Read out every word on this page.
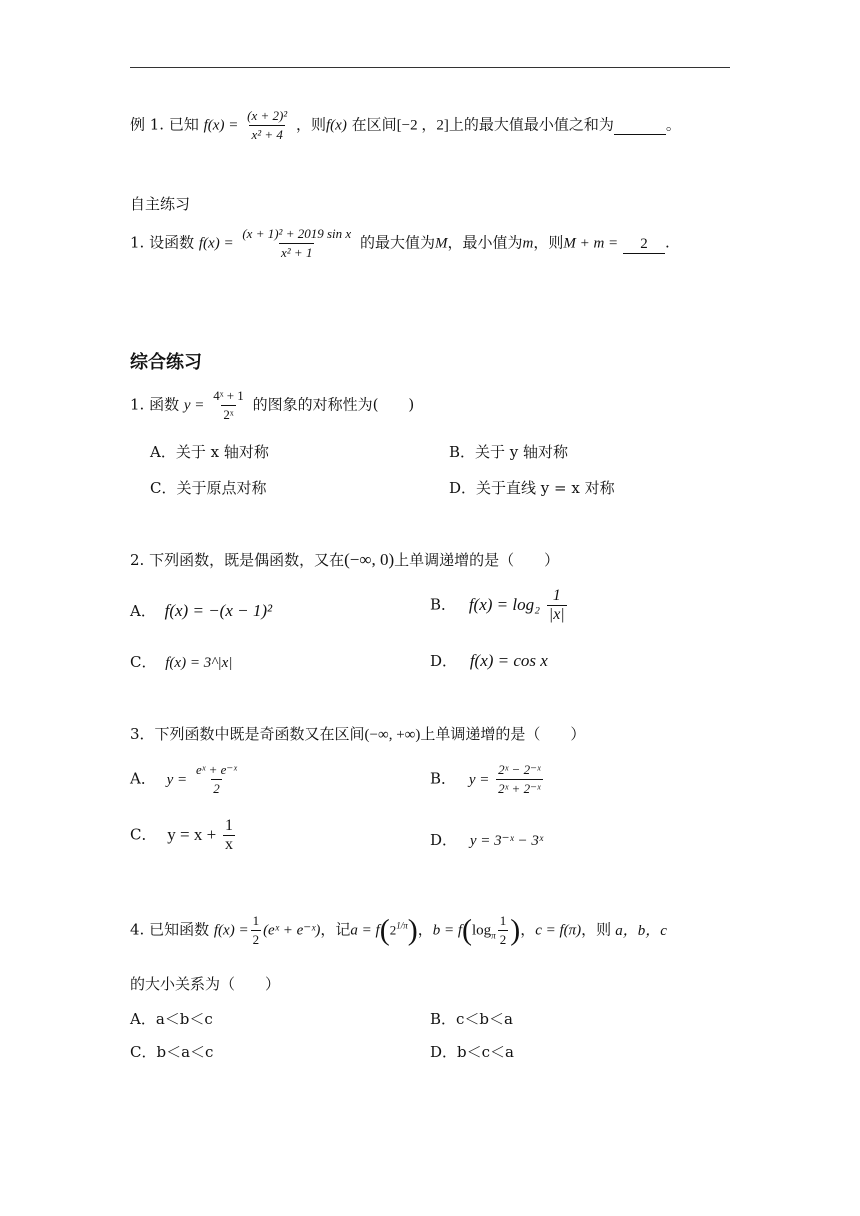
例 1. 已知 $f(x) = \frac{\text{(x + 2)²}}{\text{x² + 4}}$ ，则f(x) 在区间[−2 ，2]上的最大值最小值之和为	。
自主练习
1. 设函数 $f(x) = \frac{\text{(x + 1)² + 2019 sin x}}{\text{x² + 1}}$ 的最大值为M，最小值为m，则M + m = 2 .
综合练习
1. 函数 $y = \frac{\text{4ˣ + 1}}{\text{2ˣ}}$ 的图象的对称性为(　　)
A．关于 x 轴对称	B．关于 y 轴对称
C．关于原点对称	D．关于直线 y = x 对称
2. 下列函数，既是偶函数，又在(−∞, 0)上单调递增的是（　　）
A． f(x) = −(x − 1)²	B． $f(x) = \log_2 \frac{1}{|x|}$
C． f(x) = 3^|x|	D． f(x) = cos x
3．下列函数中既是奇函数又在区间(−∞, +∞)上单调递增的是（　　）
A． $y = \frac{\text{eˣ + e⁻ˣ}}{2}$	B． $y = \frac{\text{2ˣ − 2⁻ˣ}}{\text{2ˣ + 2⁻ˣ}}$
C． $y = x + \frac{1}{x}$	D． y = 3⁻ˣ − 3ˣ
4. 已知函数 $f(x) = \frac{1}{2}$ (eˣ + e⁻ˣ)，记$a = f(2^{1/\pi})$，$b = f(\log_\pi \frac{1}{2}$ )，c = f(π)，则 a，b，c
的大小关系为（　　）
A．a＜b＜c	B．c＜b＜a
C．b＜a＜c	D．b＜c＜a
